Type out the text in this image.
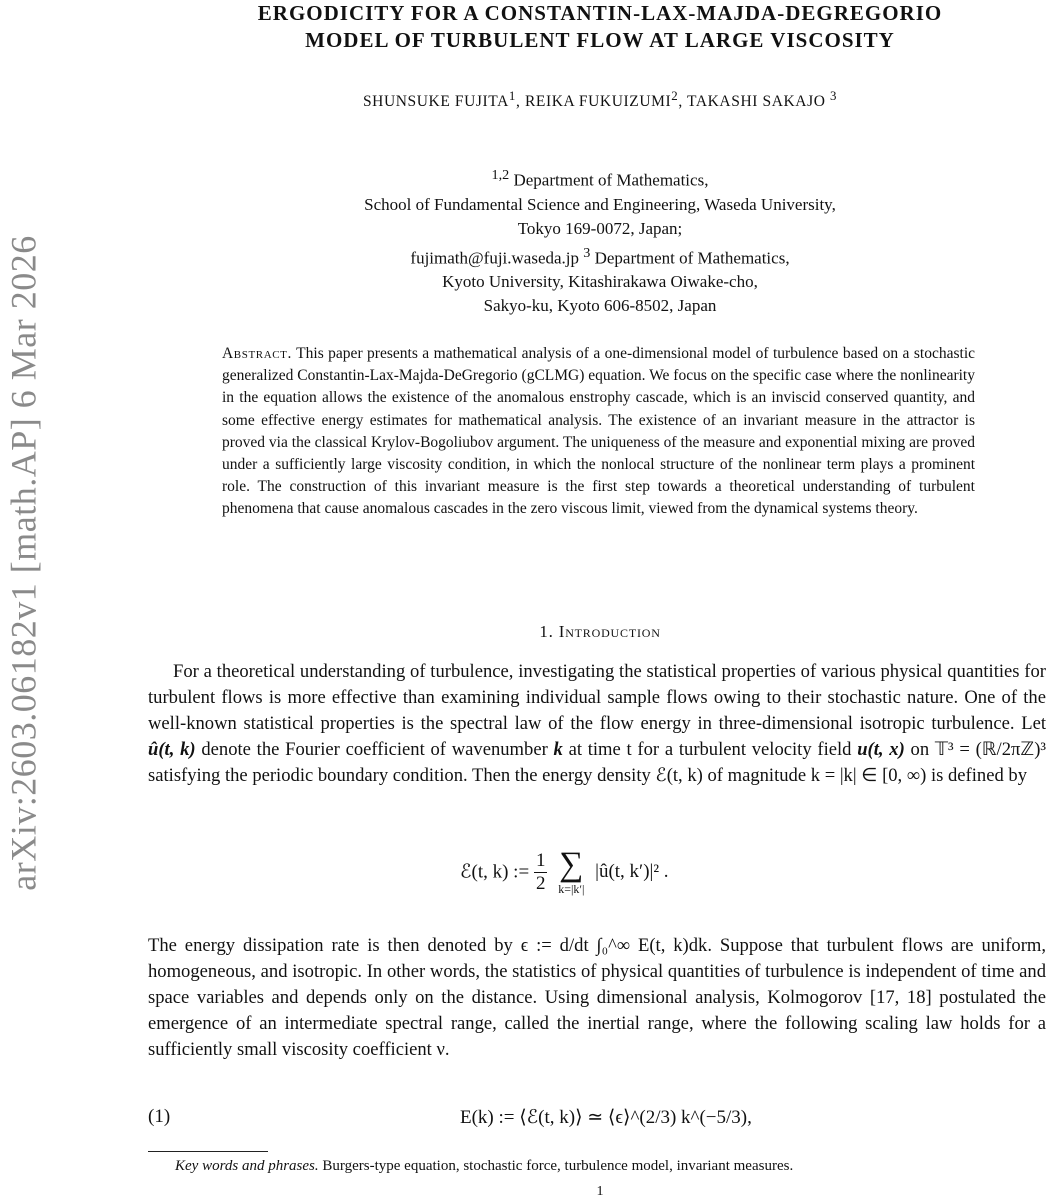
arXiv:2603.06182v1 [math.AP] 6 Mar 2026
ERGODICITY FOR A CONSTANTIN-LAX-MAJDA-DEGREGORIO
MODEL OF TURBULENT FLOW AT LARGE VISCOSITY
SHUNSUKE FUJITA$^1$, REIKA FUKUIZUMI$^2$, TAKASHI SAKAJO $^3$
$^{1,2}$ Department of Mathematics,
School of Fundamental Science and Engineering, Waseda University,
Tokyo 169-0072, Japan;
fujimath@fuji.waseda.jp $^3$ Department of Mathematics,
Kyoto University, Kitashirakawa Oiwake-cho,
Sakyo-ku, Kyoto 606-8502, Japan
Abstract. This paper presents a mathematical analysis of a one-dimensional model of turbulence based on a stochastic generalized Constantin-Lax-Majda-DeGregorio (gCLMG) equation. We focus on the specific case where the nonlinearity in the equation allows the existence of the anomalous enstrophy cascade, which is an inviscid conserved quantity, and some effective energy estimates for mathematical analysis. The existence of an invariant measure in the attractor is proved via the classical Krylov-Bogoliubov argument. The uniqueness of the measure and exponential mixing are proved under a sufficiently large viscosity condition, in which the nonlocal structure of the nonlinear term plays a prominent role. The construction of this invariant measure is the first step towards a theoretical understanding of turbulent phenomena that cause anomalous cascades in the zero viscous limit, viewed from the dynamical systems theory.
1. Introduction
For a theoretical understanding of turbulence, investigating the statistical properties of various physical quantities for turbulent flows is more effective than examining individual sample flows owing to their stochastic nature. One of the well-known statistical properties is the spectral law of the flow energy in three-dimensional isotropic turbulence. Let û(t, k) denote the Fourier coefficient of wavenumber k at time t for a turbulent velocity field u(t, x) on 𝕋³ = (ℝ/2πℤ)³ satisfying the periodic boundary condition. Then the energy density ℰ(t, k) of magnitude k = |k| ∈ [0, ∞) is defined by
ℰ(t, k) := $\frac{1}{2}$
∑
k=|k′|
|û(t, k′)|² .
The energy dissipation rate is then denoted by ϵ := d/dt ∫₀^∞ E(t, k)dk. Suppose that turbulent flows are uniform, homogeneous, and isotropic. In other words, the statistics of physical quantities of turbulence is independent of time and space variables and depends only on the distance. Using dimensional analysis, Kolmogorov [17, 18] postulated the emergence of an intermediate spectral range, called the inertial range, where the following scaling law holds for a sufficiently small viscosity coefficient ν.
(1)	E(k) := ⟨ℰ(t, k)⟩ ≃ ⟨ϵ⟩^(2/3) k^(−5/3),
Key words and phrases. Burgers-type equation, stochastic force, turbulence model, invariant measures.
1
